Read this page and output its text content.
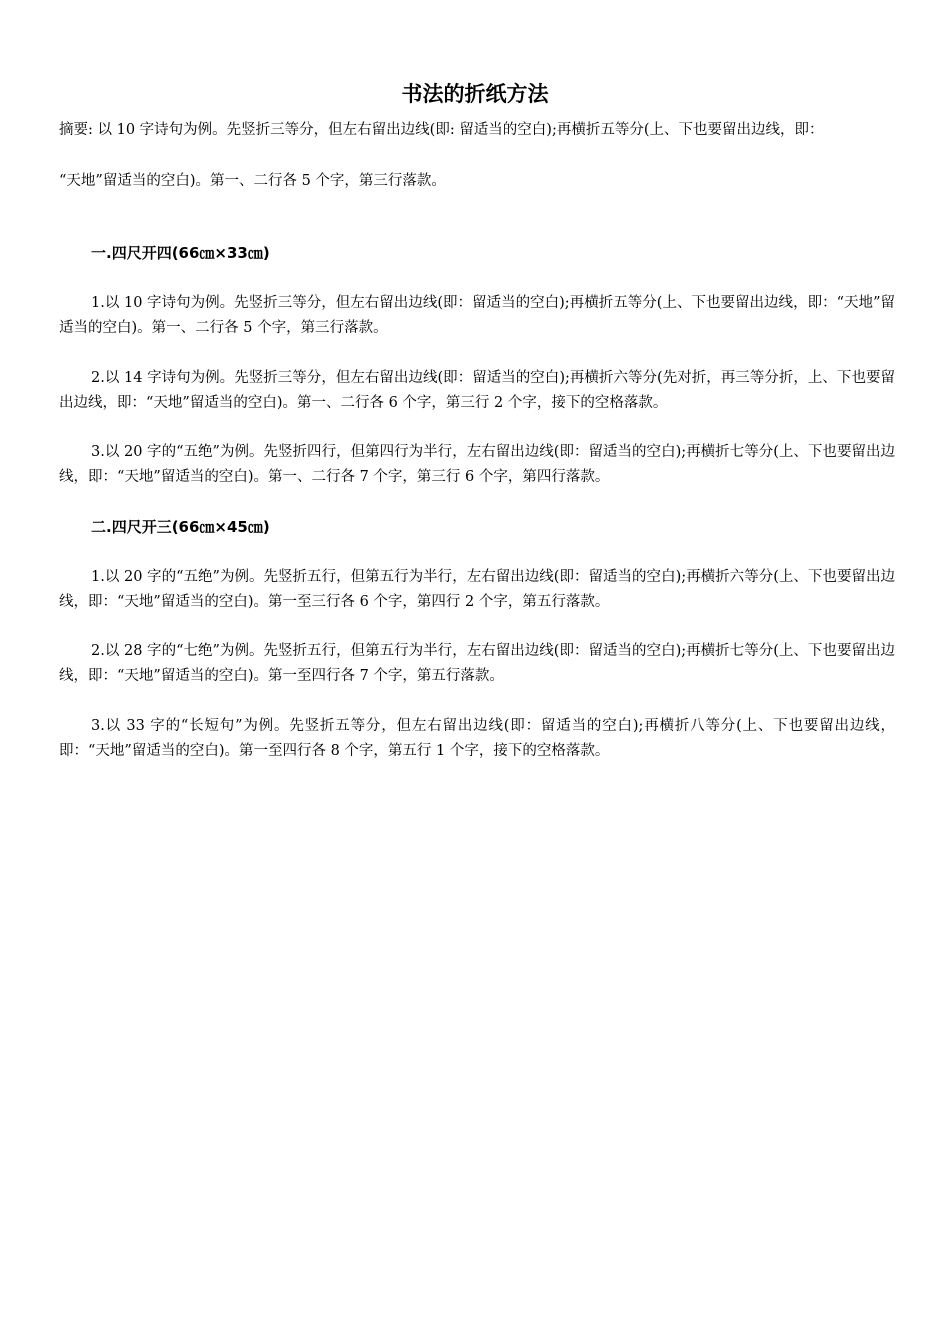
书法的折纸方法
摘要: 以 10 字诗句为例。先竖折三等分，但左右留出边线(即: 留适当的空白);再横折五等分(上、下也要留出边线，即：
“天地”留适当的空白)。第一、二行各 5 个字，第三行落款。
一.四尺开四(66㎝×33㎝)
1.以 10 字诗句为例。先竖折三等分，但左右留出边线(即：留适当的空白);再横折五等分(上、下也要留出边线，即：“天地”留适当的空白)。第一、二行各 5 个字，第三行落款。
2.以 14 字诗句为例。先竖折三等分，但左右留出边线(即：留适当的空白);再横折六等分(先对折，再三等分折，上、下也要留出边线，即：“天地”留适当的空白)。第一、二行各 6 个字，第三行 2 个字，接下的空格落款。
3.以 20 字的“五绝”为例。先竖折四行，但第四行为半行，左右留出边线(即：留适当的空白);再横折七等分(上、下也要留出边线，即：“天地”留适当的空白)。第一、二行各 7 个字，第三行 6 个字，第四行落款。
二.四尺开三(66㎝×45㎝)
1.以 20 字的“五绝”为例。先竖折五行，但第五行为半行，左右留出边线(即：留适当的空白);再横折六等分(上、下也要留出边线，即：“天地”留适当的空白)。第一至三行各 6 个字，第四行 2 个字，第五行落款。
2.以 28 字的“七绝”为例。先竖折五行，但第五行为半行，左右留出边线(即：留适当的空白);再横折七等分(上、下也要留出边线，即：“天地”留适当的空白)。第一至四行各 7 个字，第五行落款。
3.以 33 字的“长短句”为例。先竖折五等分，但左右留出边线(即：留适当的空白);再横折八等分(上、下也要留出边线，即：“天地”留适当的空白)。第一至四行各 8 个字，第五行 1 个字，接下的空格落款。
